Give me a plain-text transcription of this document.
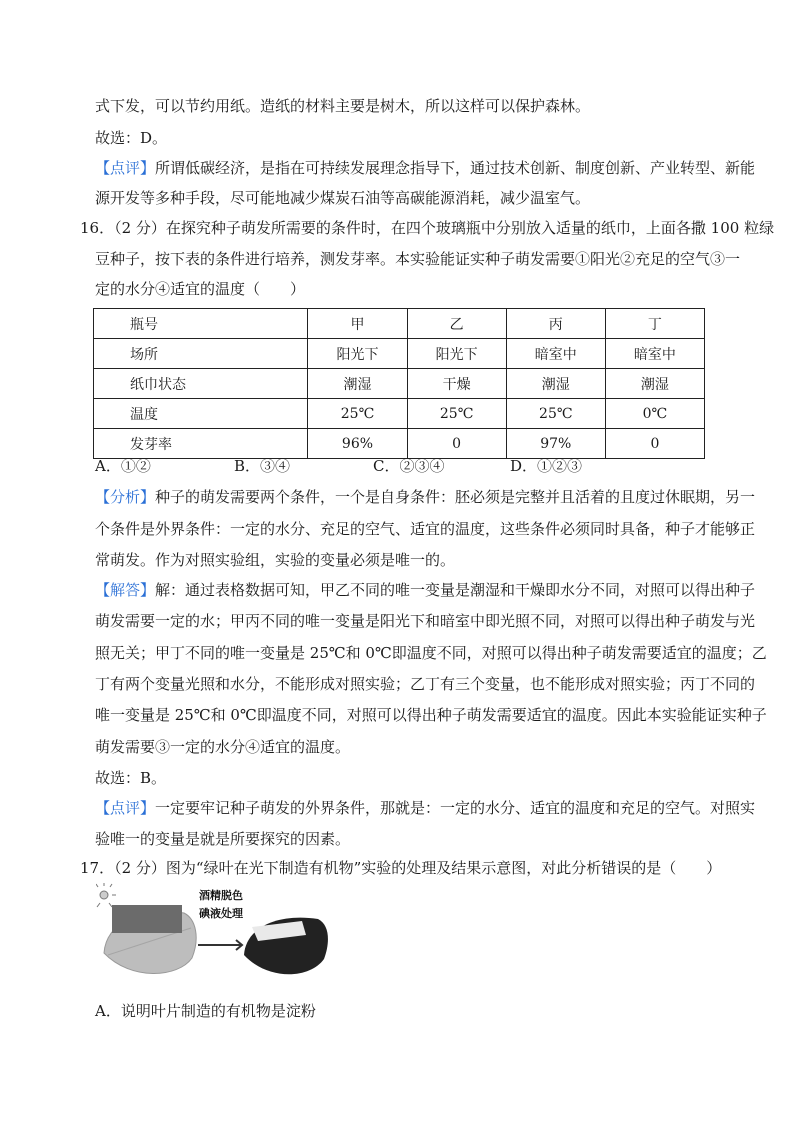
式下发，可以节约用纸。造纸的材料主要是树木，所以这样可以保护森林。
故选：D。
【点评】所谓低碳经济，是指在可持续发展理念指导下，通过技术创新、制度创新、产业转型、新能
源开发等多种手段，尽可能地减少煤炭石油等高碳能源消耗，减少温室气。
16．（2 分）在探究种子萌发所需要的条件时，在四个玻璃瓶中分别放入适量的纸巾，上面各撒 100 粒绿
豆种子，按下表的条件进行培养，测发芽率。本实验能证实种子萌发需要①阳光②充足的空气③一
定的水分④适宜的温度（　　）
瓶号	甲	乙	丙	丁
场所	阳光下	阳光下	暗室中	暗室中
纸巾状态	潮湿	干燥	潮湿	潮湿
温度	25℃	25℃	25℃	0℃
发芽率	96%	0	97%	0
A．①②	B．③④	C．②③④	D．①②③
【分析】种子的萌发需要两个条件，一个是自身条件：胚必须是完整并且活着的且度过休眠期，另一
个条件是外界条件：一定的水分、充足的空气、适宜的温度，这些条件必须同时具备，种子才能够正
常萌发。作为对照实验组，实验的变量必须是唯一的。
【解答】解：通过表格数据可知，甲乙不同的唯一变量是潮湿和干燥即水分不同，对照可以得出种子
萌发需要一定的水；甲丙不同的唯一变量是阳光下和暗室中即光照不同，对照可以得出种子萌发与光
照无关；甲丁不同的唯一变量是 25℃和 0℃即温度不同，对照可以得出种子萌发需要适宜的温度；乙
丁有两个变量光照和水分，不能形成对照实验；乙丁有三个变量，也不能形成对照实验；丙丁不同的
唯一变量是 25℃和 0℃即温度不同，对照可以得出种子萌发需要适宜的温度。因此本实验能证实种子
萌发需要③一定的水分④适宜的温度。
故选：B。
【点评】一定要牢记种子萌发的外界条件，那就是：一定的水分、适宜的温度和充足的空气。对照实
验唯一的变量是就是所要探究的因素。
17．（2 分）图为“绿叶在光下制造有机物”实验的处理及结果示意图，对此分析错误的是（　　）
酒精脱色
碘液处理
A．说明叶片制造的有机物是淀粉
